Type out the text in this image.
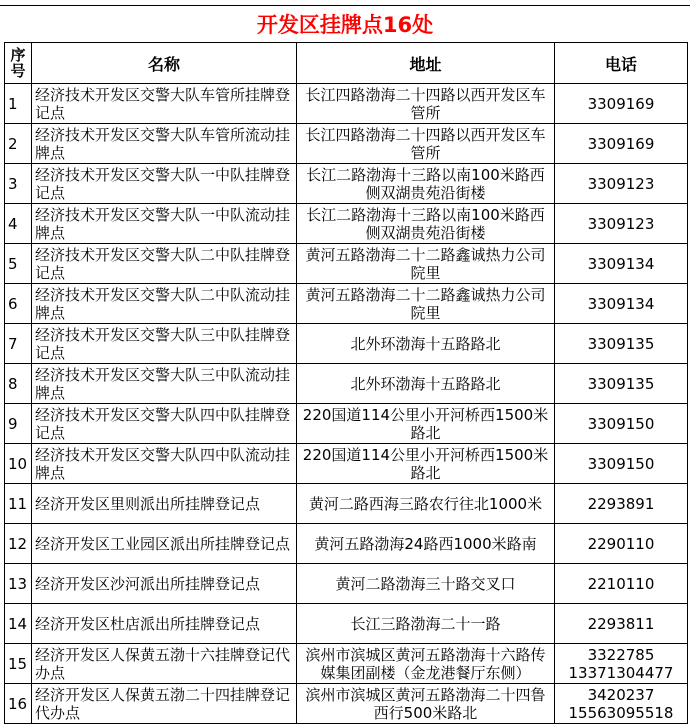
开发区挂牌点16处
序号	名称	地址	电话
1	经济技术开发区交警大队车管所挂牌登记点	长江四路渤海二十四路以西开发区车管所	3309169

2	经济技术开发区交警大队车管所流动挂牌点	长江四路渤海二十四路以西开发区车管所	3309169

3	经济技术开发区交警大队一中队挂牌登记点	长江二路渤海十三路以南100米路西侧双湖贵苑沿街楼	3309123

4	经济技术开发区交警大队一中队流动挂牌点	长江二路渤海十三路以南100米路西侧双湖贵苑沿街楼	3309123

5	经济技术开发区交警大队二中队挂牌登记点	黄河五路渤海二十二路鑫诚热力公司院里	3309134

6	经济技术开发区交警大队二中队流动挂牌点	黄河五路渤海二十二路鑫诚热力公司院里	3309134

7	经济技术开发区交警大队三中队挂牌登记点	北外环渤海十五路路北	3309135

8	经济技术开发区交警大队三中队流动挂牌点	北外环渤海十五路路北	3309135

9	经济技术开发区交警大队四中队挂牌登记点	220国道114公里小开河桥西1500米路北	3309150

10	经济技术开发区交警大队四中队流动挂牌点	220国道114公里小开河桥西1500米路北	3309150

11	经济开发区里则派出所挂牌登记点	黄河二路西海三路农行往北1000米	2293891

12	经济开发区工业园区派出所挂牌登记点	黄河五路渤海24路西1000米路南	2290110

13	经济开发区沙河派出所挂牌登记点	黄河二路渤海三十路交叉口	2210110

14	经济开发区杜店派出所挂牌登记点	长江三路渤海二十一路	2293811

15	经济开发区人保黄五渤十六挂牌登记代办点	滨州市滨城区黄河五路渤海十六路传媒集团副楼（金龙港餐厅东侧）	3322785
13371304477

16	经济开发区人保黄五渤二十四挂牌登记代办点	滨州市滨城区黄河五路渤海二十四鲁西行500米路北	3420237
15563095518
